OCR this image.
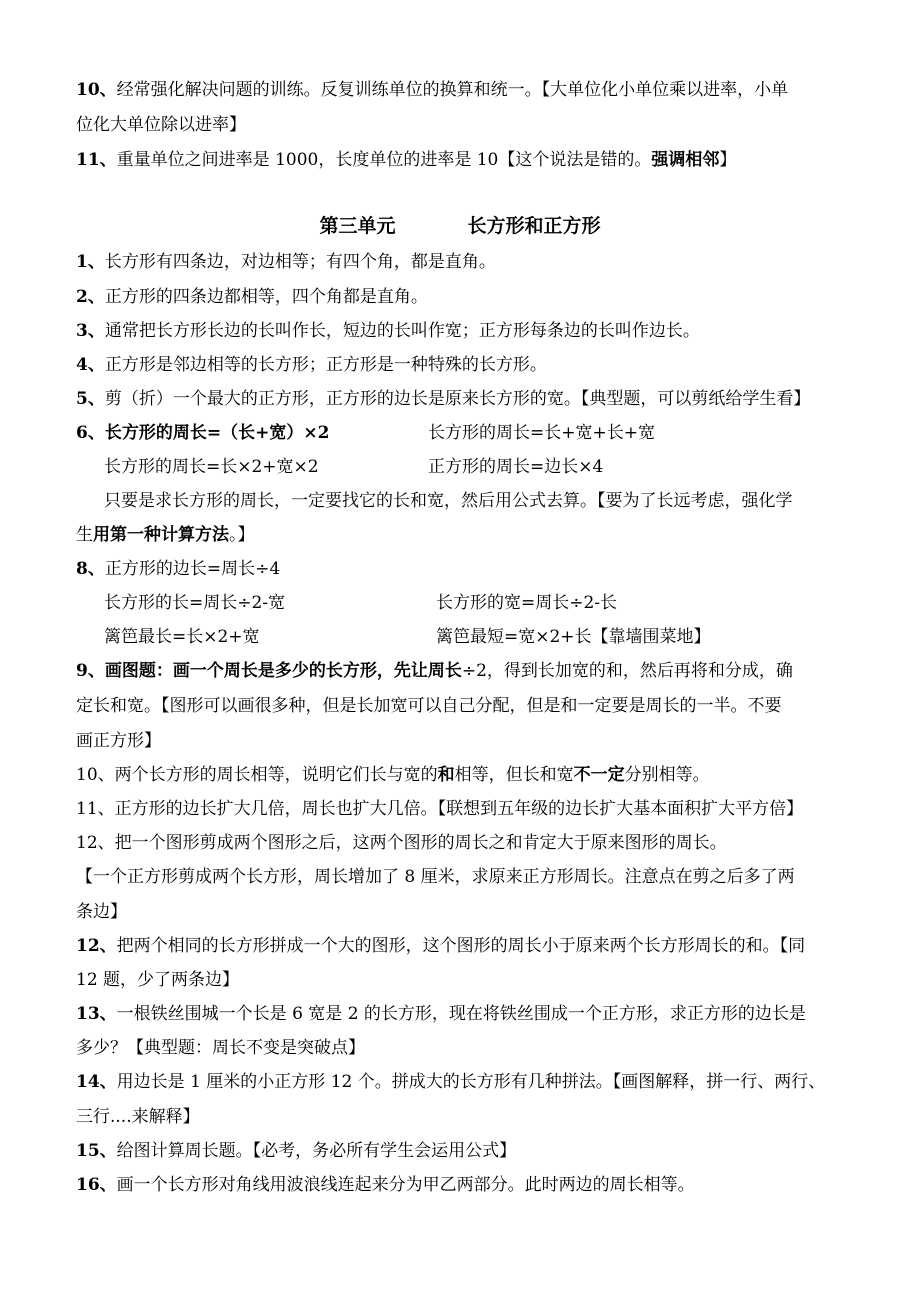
10、经常强化解决问题的训练。反复训练单位的换算和统一。【大单位化小单位乘以进率，小单
位化大单位除以进率】
11、重量单位之间进率是 1000，长度单位的进率是 10【这个说法是错的。强调相邻】
第三单元	长方形和正方形
1、长方形有四条边，对边相等；有四个角，都是直角。
2、正方形的四条边都相等，四个角都是直角。
3、通常把长方形长边的长叫作长，短边的长叫作宽；正方形每条边的长叫作边长。
4、正方形是邻边相等的长方形；正方形是一种特殊的长方形。
5、剪（折）一个最大的正方形，正方形的边长是原来长方形的宽。【典型题，可以剪纸给学生看】
6、长方形的周长=（长+宽）×2	长方形的周长=长+宽+长+宽
长方形的周长=长×2+宽×2	正方形的周长=边长×4
只要是求长方形的周长，一定要找它的长和宽，然后用公式去算。【要为了长远考虑，强化学
生用第一种计算方法。】
8、正方形的边长=周长÷4
长方形的长=周长÷2-宽	长方形的宽=周长÷2-长
篱笆最长=长×2+宽	篱笆最短=宽×2+长【靠墙围菜地】
9、画图题：画一个周长是多少的长方形，先让周长÷2，得到长加宽的和，然后再将和分成，确
定长和宽。【图形可以画很多种，但是长加宽可以自己分配，但是和一定要是周长的一半。不要
画正方形】
10、两个长方形的周长相等，说明它们长与宽的和相等，但长和宽不一定分别相等。
11、正方形的边长扩大几倍，周长也扩大几倍。【联想到五年级的边长扩大基本面积扩大平方倍】
12、把一个图形剪成两个图形之后，这两个图形的周长之和肯定大于原来图形的周长。
【一个正方形剪成两个长方形，周长增加了 8 厘米，求原来正方形周长。注意点在剪之后多了两
条边】
12、把两个相同的长方形拼成一个大的图形，这个图形的周长小于原来两个长方形周长的和。【同
12 题，少了两条边】
13、一根铁丝围城一个长是 6 宽是 2 的长方形，现在将铁丝围成一个正方形，求正方形的边长是
多少？【典型题：周长不变是突破点】
14、用边长是 1 厘米的小正方形 12 个。拼成大的长方形有几种拼法。【画图解释，拼一行、两行、
三行....来解释】
15、给图计算周长题。【必考，务必所有学生会运用公式】
16、画一个长方形对角线用波浪线连起来分为甲乙两部分。此时两边的周长相等。
